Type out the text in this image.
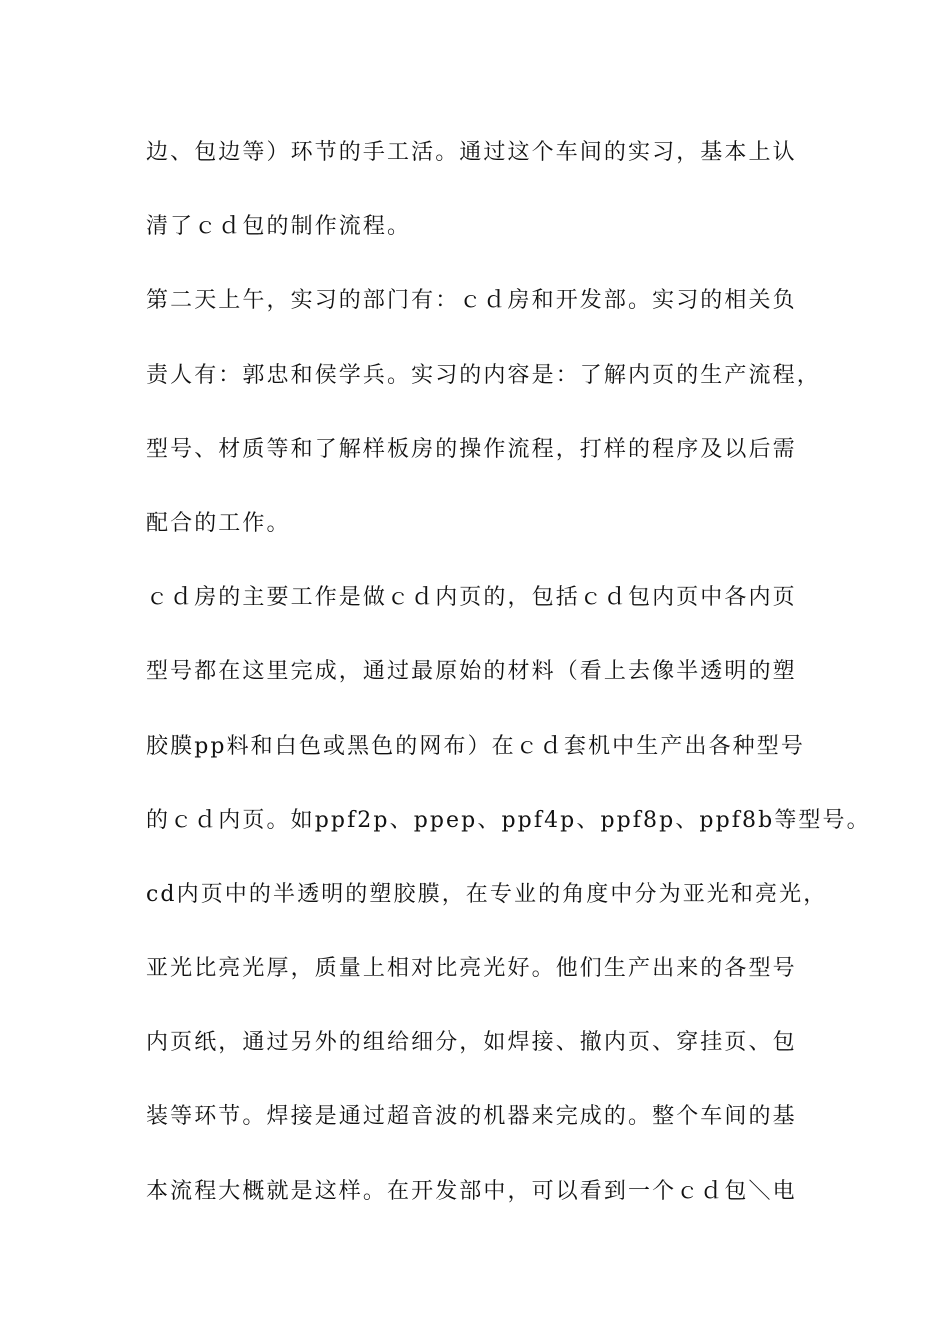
边、包边等）环节的手工活。通过这个车间的实习，基本上认
清了ｃｄ包的制作流程。
第二天上午，实习的部门有：ｃｄ房和开发部。实习的相关负
责人有：郭忠和侯学兵。实习的内容是：了解内页的生产流程，
型号、材质等和了解样板房的操作流程，打样的程序及以后需
配合的工作。
ｃｄ房的主要工作是做ｃｄ内页的，包括ｃｄ包内页中各内页
型号都在这里完成，通过最原始的材料（看上去像半透明的塑
胶膜pp料和白色或黑色的网布）在ｃｄ套机中生产出各种型号
的ｃｄ内页。如ppf2p、ppep、ppf4p、ppf8p、ppf8b等型号。
cd内页中的半透明的塑胶膜，在专业的角度中分为亚光和亮光，
亚光比亮光厚，质量上相对比亮光好。他们生产出来的各型号
内页纸，通过另外的组给细分，如焊接、撤内页、穿挂页、包
装等环节。焊接是通过超音波的机器来完成的。整个车间的基
本流程大概就是这样。在开发部中，可以看到一个ｃｄ包＼电
